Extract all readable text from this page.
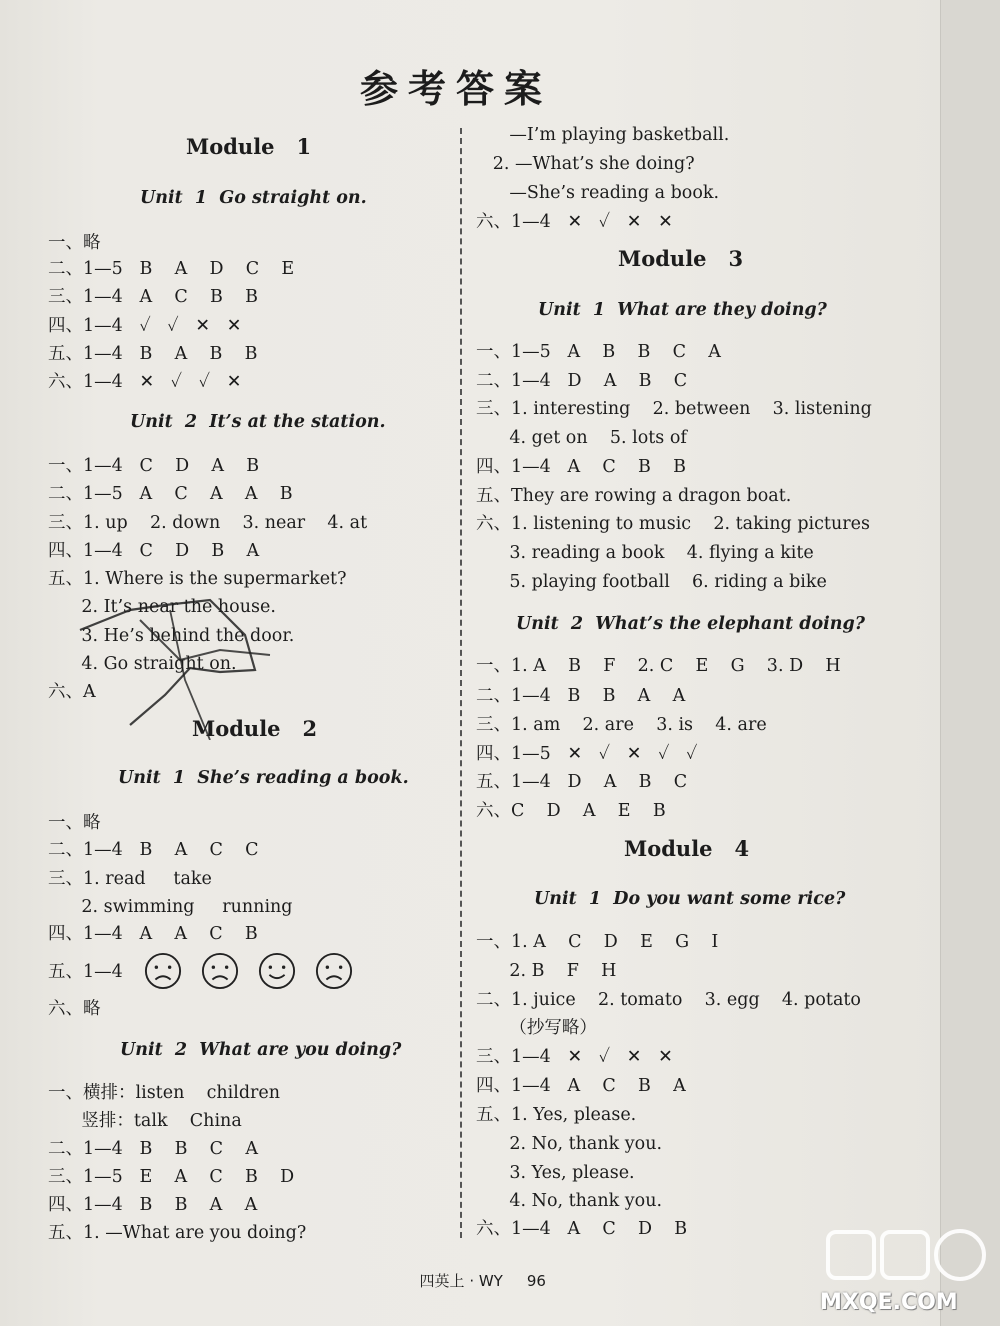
参考答案
Module   1
Unit  1  Go straight on.
一、略
二、1—5   B    A    D    C    E
三、1—4   A    C    B    B
四、1—4   ✓   ✓   ✕   ✕
五、1—4   B    A    B    B
六、1—4   ✕   ✓   ✓   ✕
Unit  2  It’s at the station.
一、1—4   C    D    A    B
二、1—5   A    C    A    A    B
三、1. up    2. down    3. near    4. at
四、1—4   C    D    B    A
五、1. Where is the supermarket?
2. It’s near the house.
3. He’s behind the door.
4. Go straight on.
六、A
Module   2
Unit  1  She’s reading a book.
一、略
二、1—4   B    A    C    C
三、1. read     take
2. swimming     running
四、1—4   A    A    C    B
五、1—4
六、略
Unit  2  What are you doing?
一、横排：listen    children
竖排：talk    China
二、1—4   B    B    C    A
三、1—5   E    A    C    B    D
四、1—4   B    B    A    A
五、1. —What are you doing?
—I’m playing basketball.
2. —What’s she doing?
—She’s reading a book.
六、1—4   ✕   ✓   ✕   ✕
Module   3
Unit  1  What are they doing?
一、1—5   A    B    B    C    A
二、1—4   D    A    B    C
三、1. interesting    2. between    3. listening
4. get on    5. lots of
四、1—4   A    C    B    B
五、They are rowing a dragon boat.
六、1. listening to music    2. taking pictures
3. reading a book    4. flying a kite
5. playing football    6. riding a bike
Unit  2  What’s the elephant doing?
一、1. A    B    F    2. C    E    G    3. D    H
二、1—4   B    B    A    A
三、1. am    2. are    3. is    4. are
四、1—5   ✕   ✓   ✕   ✓   ✓
五、1—4   D    A    B    C
六、C    D    A    E    B
Module   4
Unit  1  Do you want some rice?
一、1. A    C    D    E    G    I
2. B    F    H
二、1. juice    2. tomato    3. egg    4. potato
（抄写略）
三、1—4   ✕   ✓   ✕   ✕
四、1—4   A    C    B    A
五、1. Yes, please.
2. No, thank you.
3. Yes, please.
4. No, thank you.
六、1—4   A    C    D    B

四英上 · WY 96

MXQE.COM
